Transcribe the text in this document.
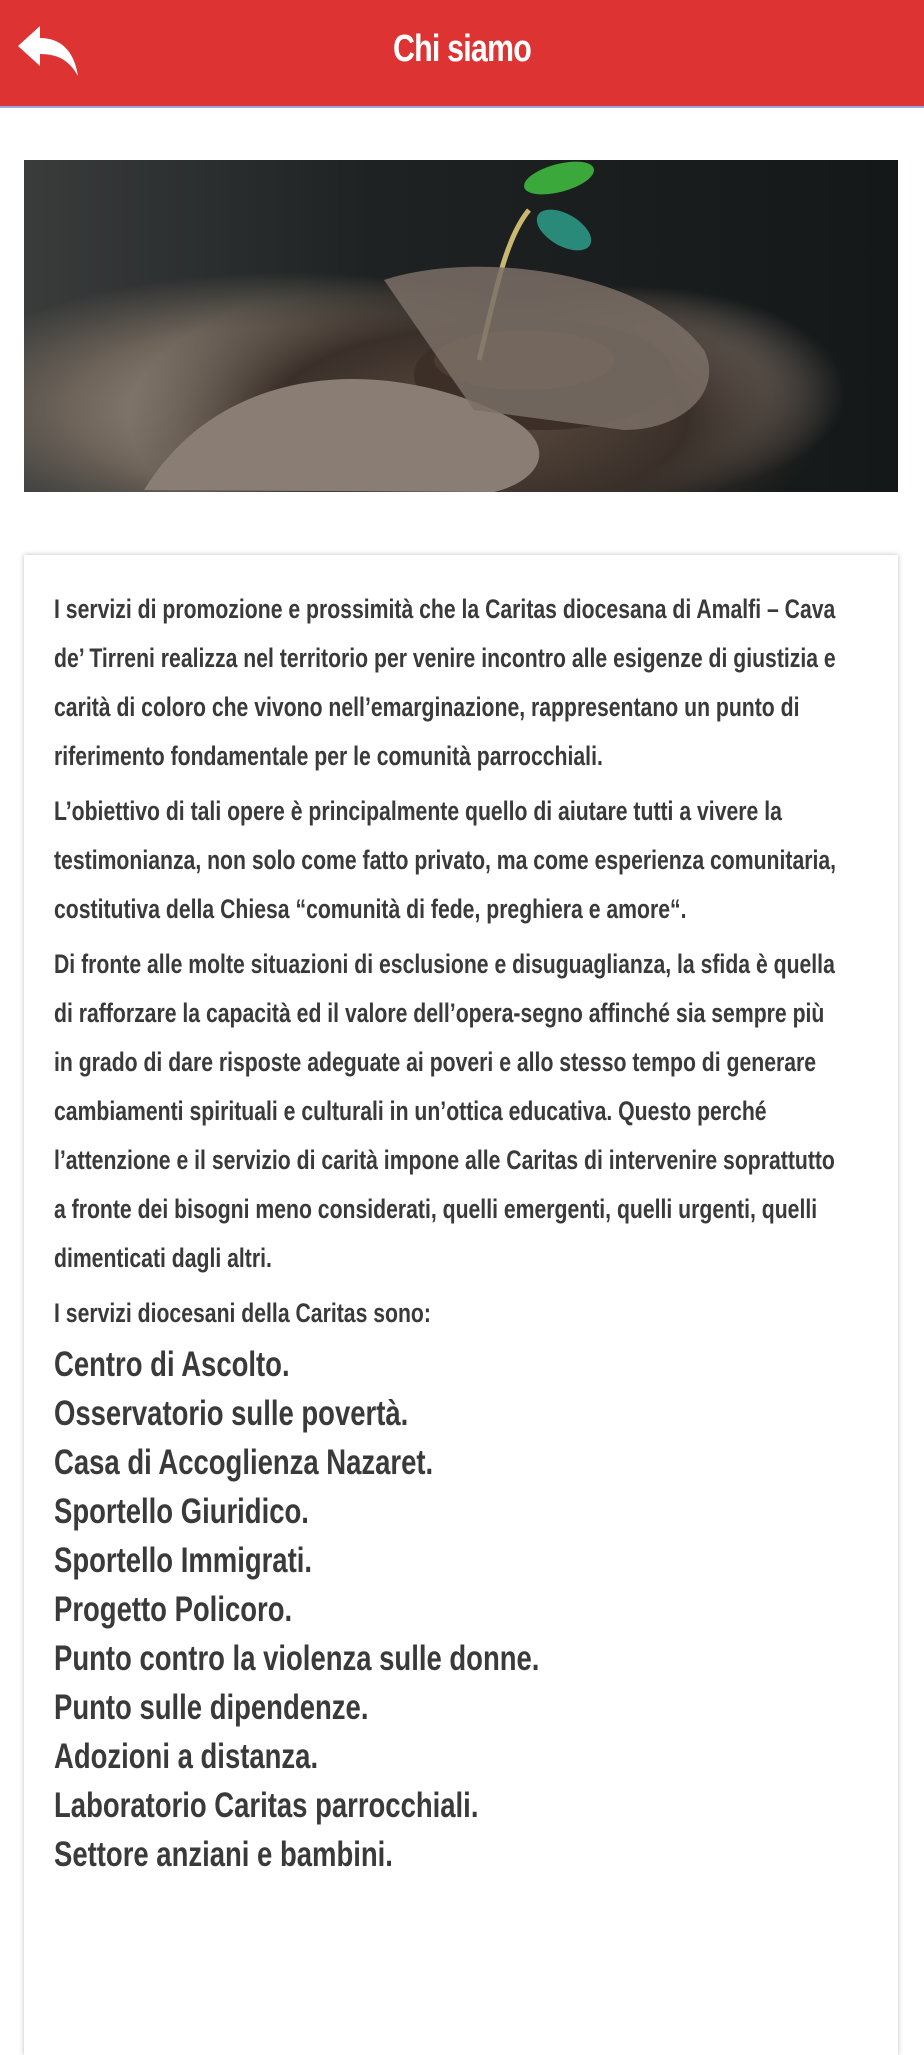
Chi siamo

I servizi di promozione e prossimità che la Caritas diocesana di Amalfi – Cava de’ Tirreni realizza nel territorio per venire incontro alle esigenze di giustizia e carità di coloro che vivono nell’emarginazione, rappresentano un punto di riferimento fondamentale per le comunità parrocchiali.

L’obiettivo di tali opere è principalmente quello di aiutare tutti a vivere la testimonianza, non solo come fatto privato, ma come esperienza comunitaria, costitutiva della Chiesa “comunità di fede, preghiera e amore“.

Di fronte alle molte situazioni di esclusione e disuguaglianza, la sfida è quella di rafforzare la capacità ed il valore dell’opera-segno affinché sia sempre più in grado di dare risposte adeguate ai poveri e allo stesso tempo di generare cambiamenti spirituali e culturali in un’ottica educativa. Questo perché l’attenzione e il servizio di carità impone alle Caritas di intervenire soprattutto a fronte dei bisogni meno considerati, quelli emergenti, quelli urgenti, quelli dimenticati dagli altri.

I servizi diocesani della Caritas sono:

Centro di Ascolto.

Osservatorio sulle povertà.

Casa di Accoglienza Nazaret.

Sportello Giuridico.

Sportello Immigrati.

Progetto Policoro.

Punto contro la violenza sulle donne.

Punto sulle dipendenze.

Adozioni a distanza.

Laboratorio Caritas parrocchiali.

Settore anziani e bambini.
